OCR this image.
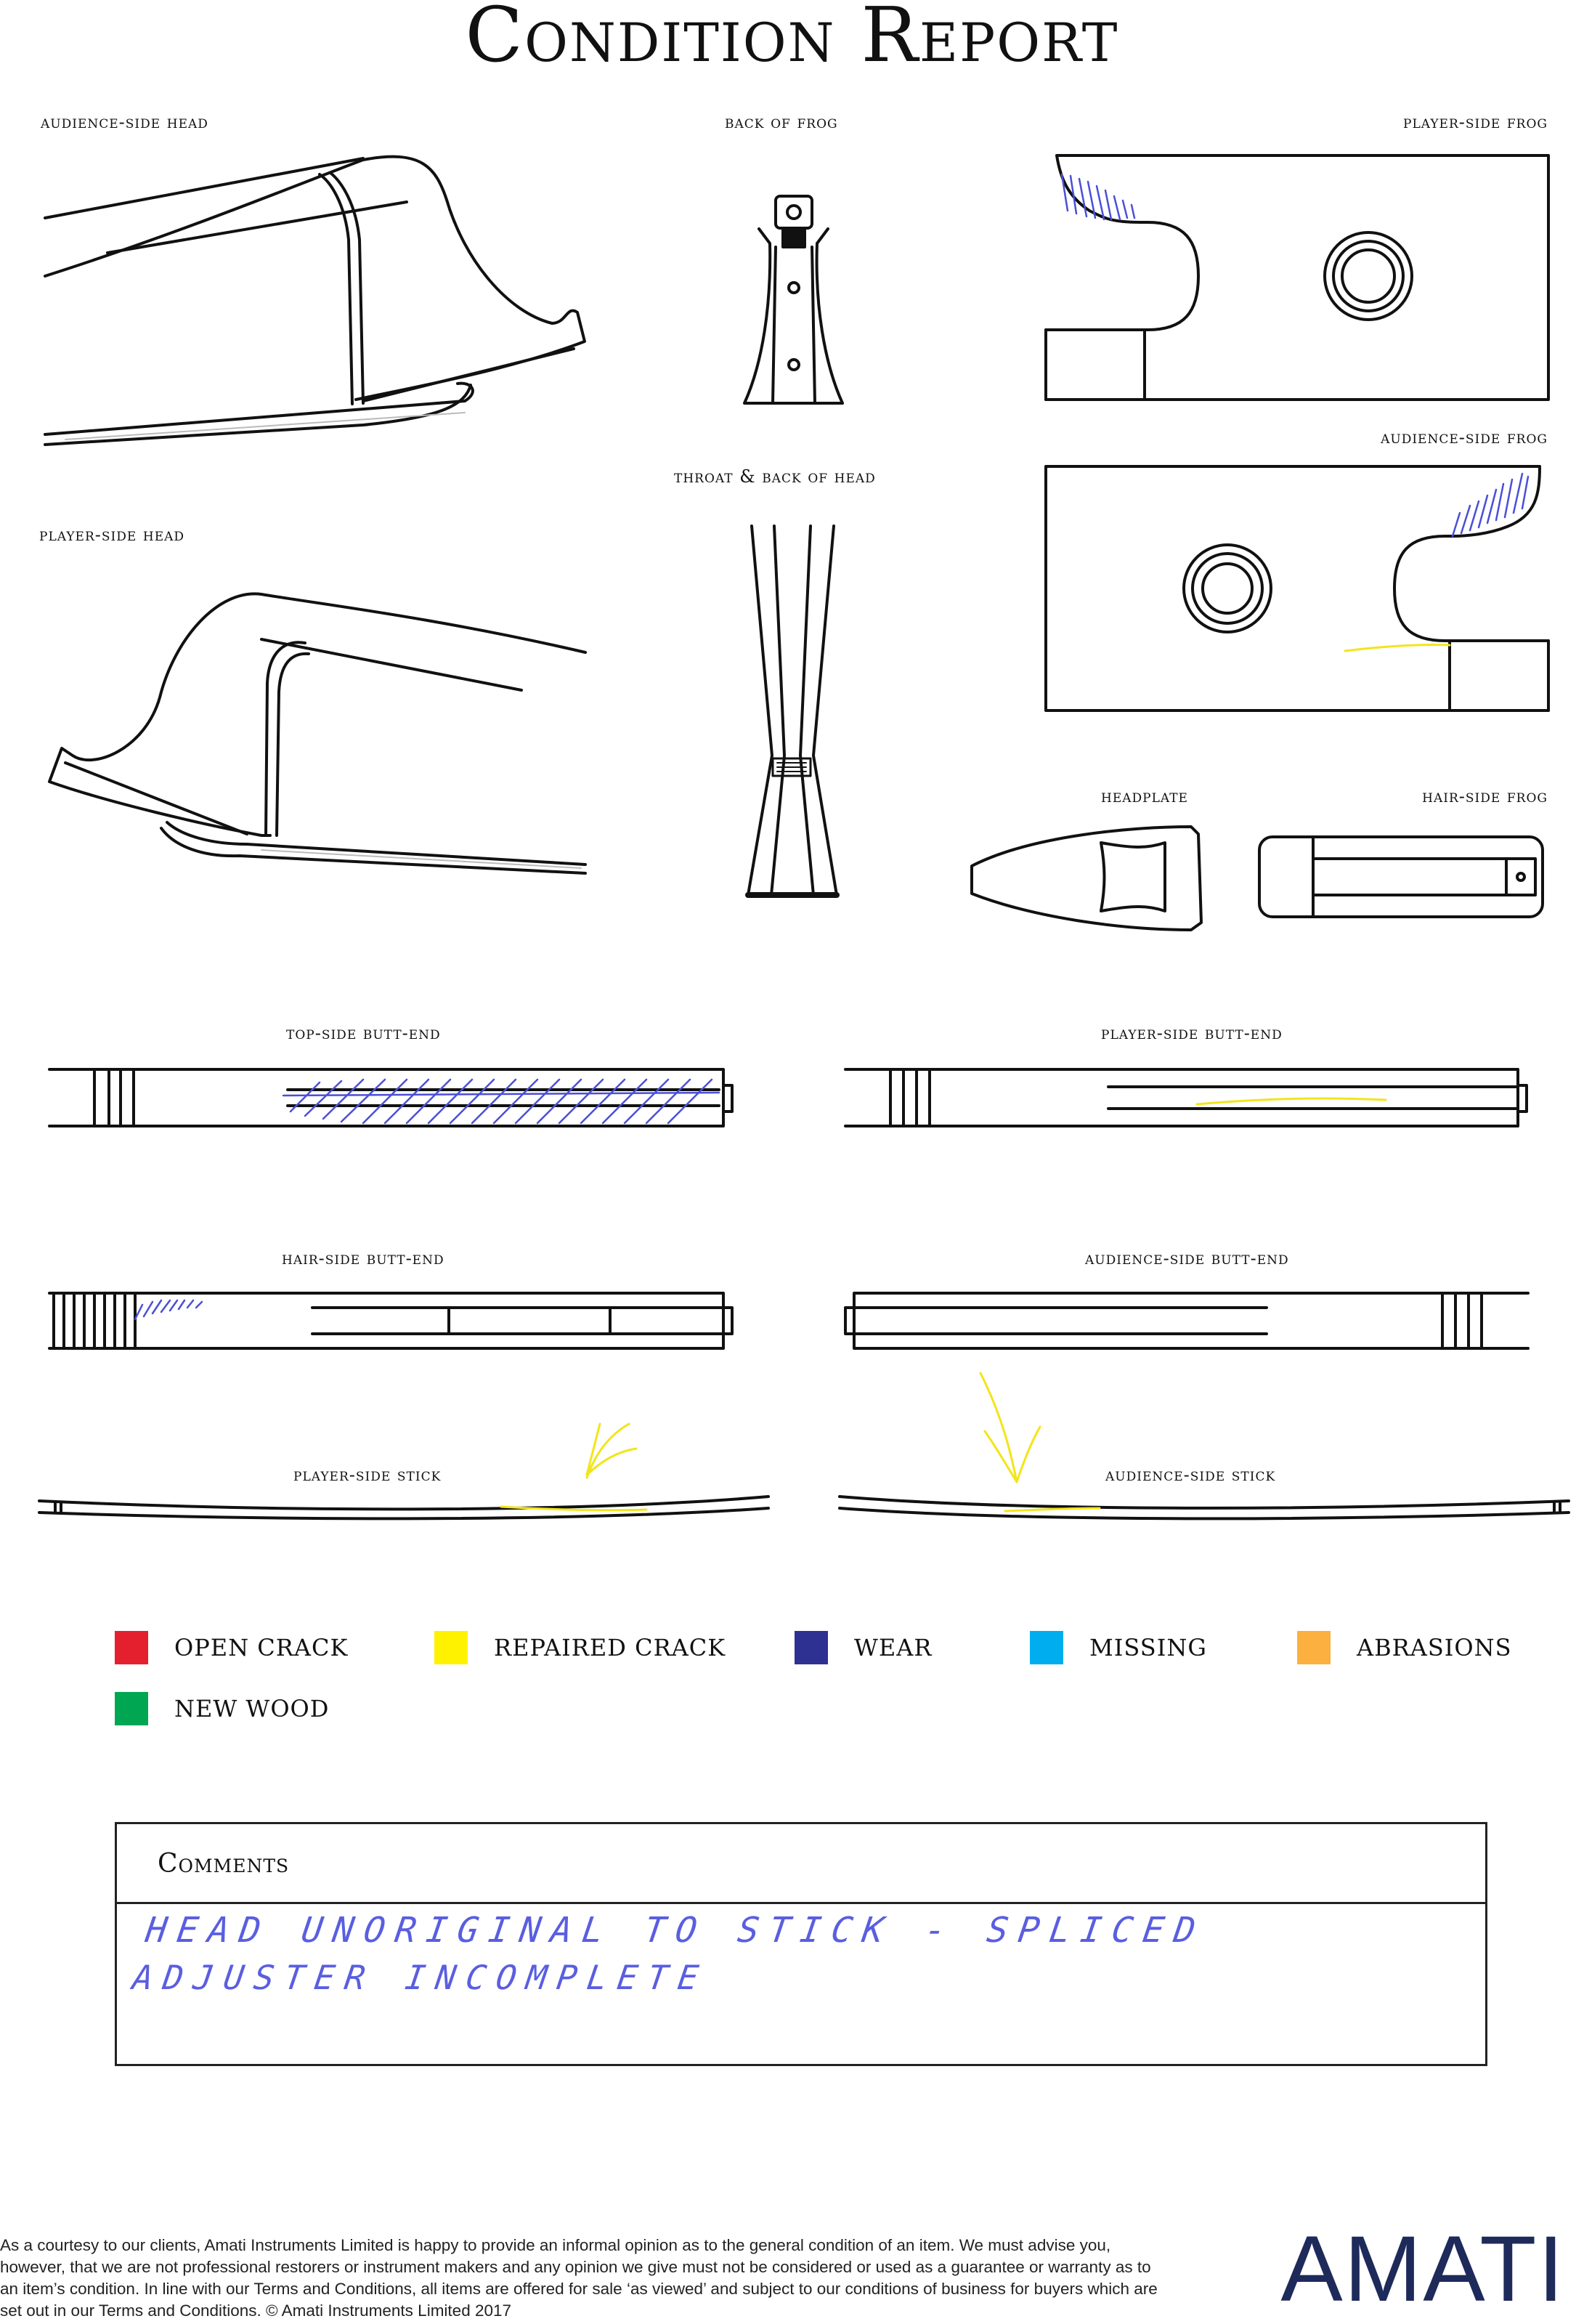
Condition Report
audience-side head	back of frog	player-side frog
audience-side frog
throat & back of head
player-side head
headplate	hair-side frog
top-side butt-end	player-side butt-end
hair-side butt-end	audience-side butt-end
player-side stick	audience-side stick
OPEN CRACK	REPAIRED CRACK	WEAR	MISSING	ABRASIONS
NEW WOOD
Comments
HEAD UNORIGINAL TO STICK - SPLICED
ADJUSTER INCOMPLETE
As a courtesy to our clients, Amati Instruments Limited is happy to provide an informal opinion as to the general condition of an item. We must advise you, however, that we are not professional restorers or instrument makers and any opinion we give must not be considered or used as a guarantee or warranty as to an item’s condition. In line with our Terms and Conditions, all items are offered for sale ‘as viewed’ and subject to our conditions of business for buyers which are set out in our Terms and Conditions. © Amati Instruments Limited 2017	AMATI
